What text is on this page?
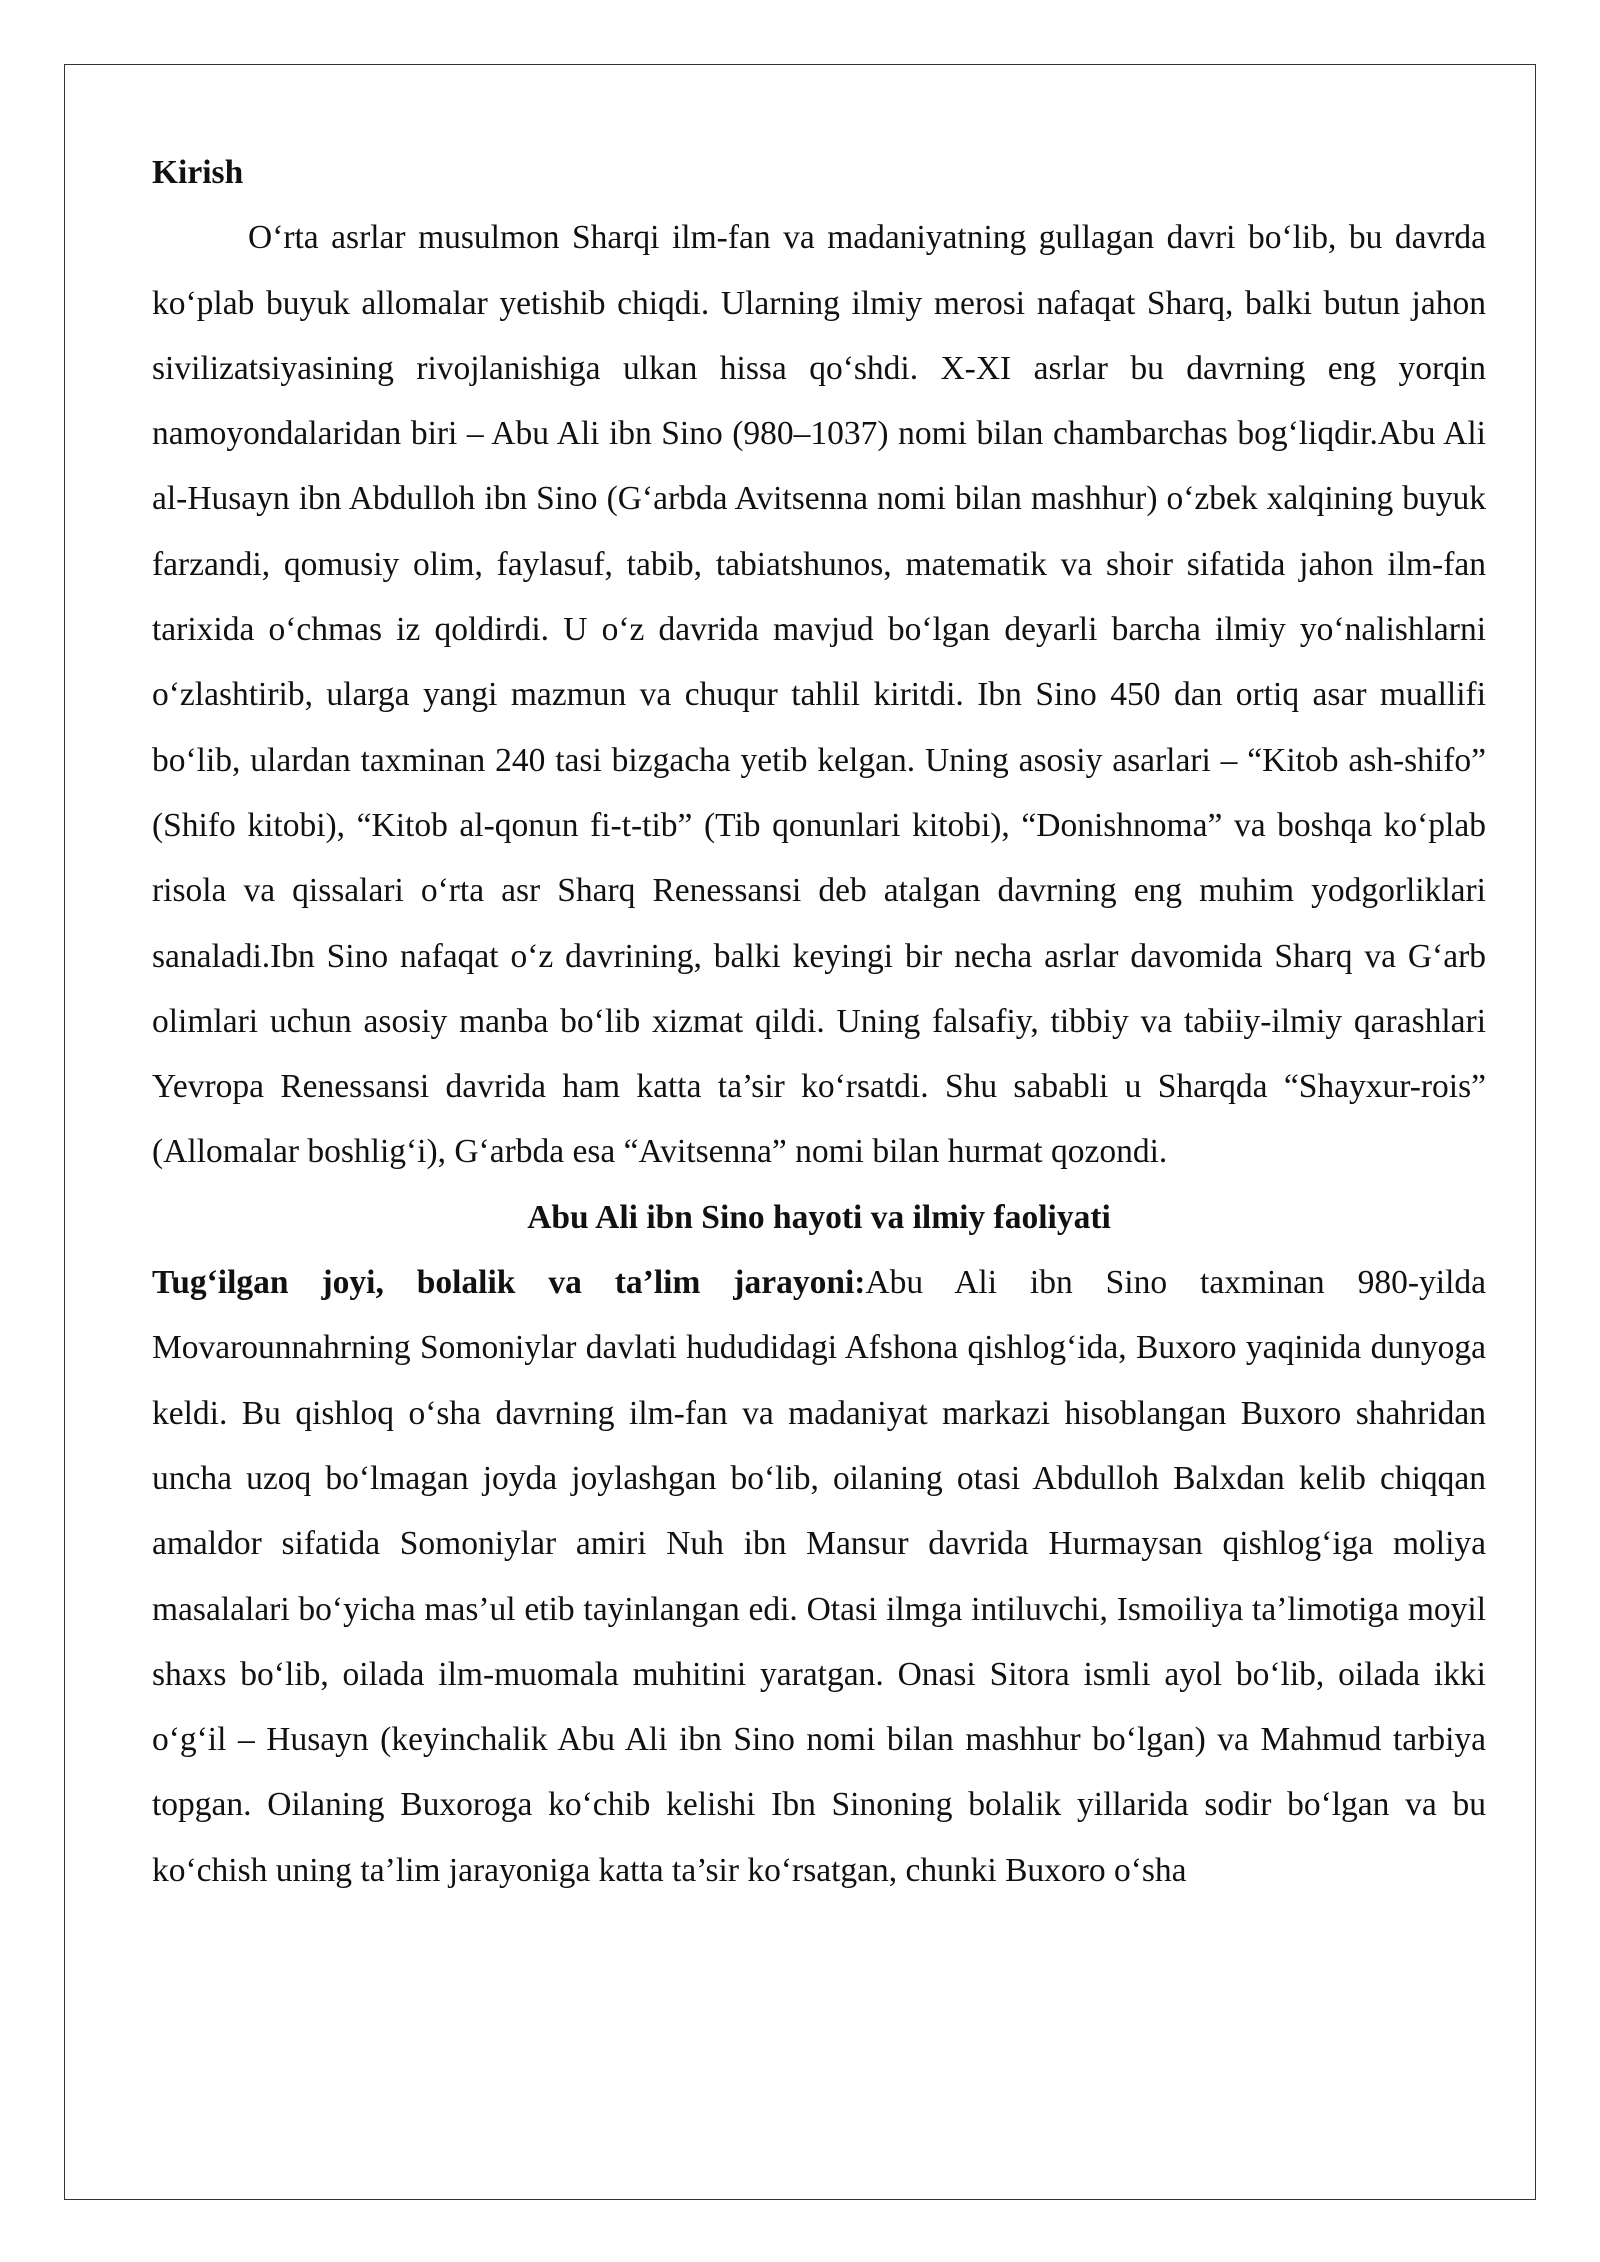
Kirish

O‘rta asrlar musulmon Sharqi ilm-fan va madaniyatning gullagan davri bo‘lib, bu davrda ko‘plab buyuk allomalar yetishib chiqdi. Ularning ilmiy merosi nafaqat Sharq, balki butun jahon sivilizatsiyasining rivojlanishiga ulkan hissa qo‘shdi. X-XI asrlar bu davrning eng yorqin namoyondalaridan biri – Abu Ali ibn Sino (980–1037) nomi bilan chambarchas bog‘liqdir.Abu Ali al-Husayn ibn Abdulloh ibn Sino (G‘arbda Avitsenna nomi bilan mashhur) o‘zbek xalqining buyuk farzandi, qomusiy olim, faylasuf, tabib, tabiatshunos, matematik va shoir sifatida jahon ilm-fan tarixida o‘chmas iz qoldirdi. U o‘z davrida mavjud bo‘lgan deyarli barcha ilmiy yo‘nalishlarni o‘zlashtirib, ularga yangi mazmun va chuqur tahlil kiritdi. Ibn Sino 450 dan ortiq asar muallifi bo‘lib, ulardan taxminan 240 tasi bizgacha yetib kelgan. Uning asosiy asarlari – “Kitob ash-shifo” (Shifo kitobi), “Kitob al-qonun fi-t-tib” (Tib qonunlari kitobi), “Donishnoma” va boshqa ko‘plab risola va qissalari o‘rta asr Sharq Renessansi deb atalgan davrning eng muhim yodgorliklari sanaladi.Ibn Sino nafaqat o‘z davrining, balki keyingi bir necha asrlar davomida Sharq va G‘arb olimlari uchun asosiy manba bo‘lib xizmat qildi. Uning falsafiy, tibbiy va tabiiy-ilmiy qarashlari Yevropa Renessansi davrida ham katta ta’sir ko‘rsatdi. Shu sababli u Sharqda “Shayxur-rois” (Allomalar boshlig‘i), G‘arbda esa “Avitsenna” nomi bilan hurmat qozondi.

Abu Ali ibn Sino hayoti va ilmiy faoliyati

Tug‘ilgan joyi, bolalik va ta’lim jarayoni:Abu Ali ibn Sino taxminan 980-yilda Movarounnahrning Somoniylar davlati hududidagi Afshona qishlog‘ida, Buxoro yaqinida dunyoga keldi. Bu qishloq o‘sha davrning ilm-fan va madaniyat markazi hisoblangan Buxoro shahridan uncha uzoq bo‘lmagan joyda joylashgan bo‘lib, oilaning otasi Abdulloh Balxdan kelib chiqqan amaldor sifatida Somoniylar amiri Nuh ibn Mansur davrida Hurmaysan qishlog‘iga moliya masalalari bo‘yicha mas’ul etib tayinlangan edi. Otasi ilmga intiluvchi, Ismoiliya ta’limotiga moyil shaxs bo‘lib, oilada ilm-muomala muhitini yaratgan. Onasi Sitora ismli ayol bo‘lib, oilada ikki o‘g‘il – Husayn (keyinchalik Abu Ali ibn Sino nomi bilan mashhur bo‘lgan) va Mahmud tarbiya topgan. Oilaning Buxoroga ko‘chib kelishi Ibn Sinoning bolalik yillarida sodir bo‘lgan va bu ko‘chish uning ta’lim jarayoniga katta ta’sir ko‘rsatgan, chunki Buxoro o‘sha
